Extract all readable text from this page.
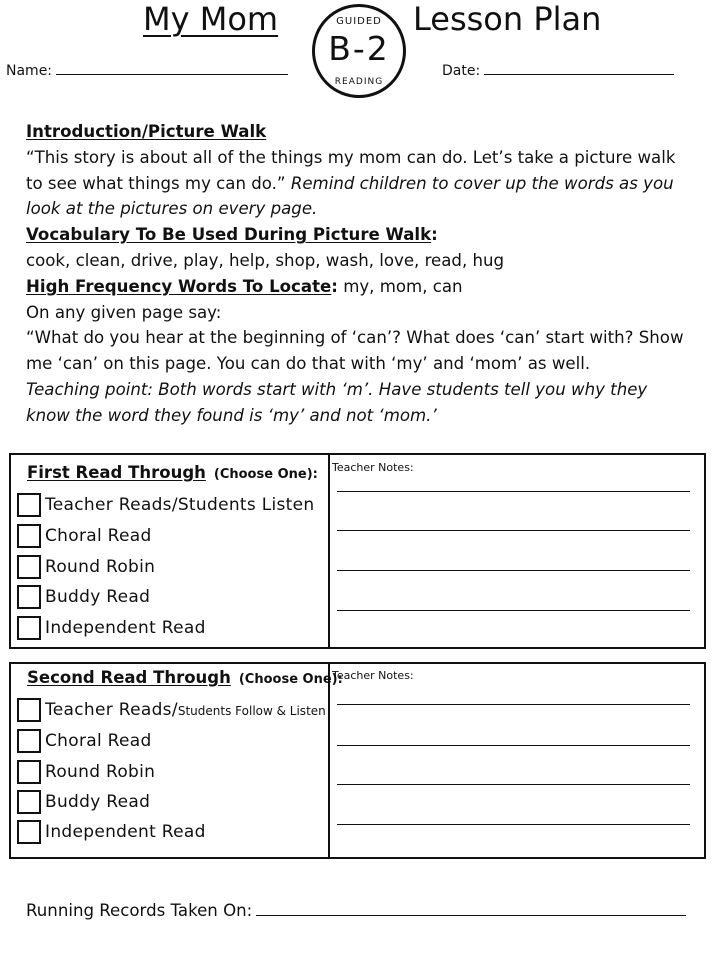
My Mom	GUIDED
B-2
READING
Lesson Plan
Name:	Date:

Introduction/Picture Walk

“This story is about all of the things my mom can do. Let’s take a picture walk to see what things my can do.” Remind children to cover up the words as you look at the pictures on every page.

Vocabulary To Be Used During Picture Walk:

cook, clean, drive, play, help, shop, wash, love, read, hug

High Frequency Words To Locate: my, mom, can

On any given page say:

“What do you hear at the beginning of ‘can’? What does ‘can’ start with? Show me ‘can’ on this page. You can do that with ‘my’ and ‘mom’ as well.

Teaching point: Both words start with ‘m’. Have students tell you why they know the word they found is ‘my’ and not ‘mom.’

First Read Through (Choose One):
Teacher Reads/Students Listen
Choral Read
Round Robin
Buddy Read
Independent Read
Teacher Notes:
Second Read Through (Choose One):
Teacher Reads/Students Follow & Listen
Choral Read
Round Robin
Buddy Read
Independent Read
Teacher Notes:
Running Records Taken On:
